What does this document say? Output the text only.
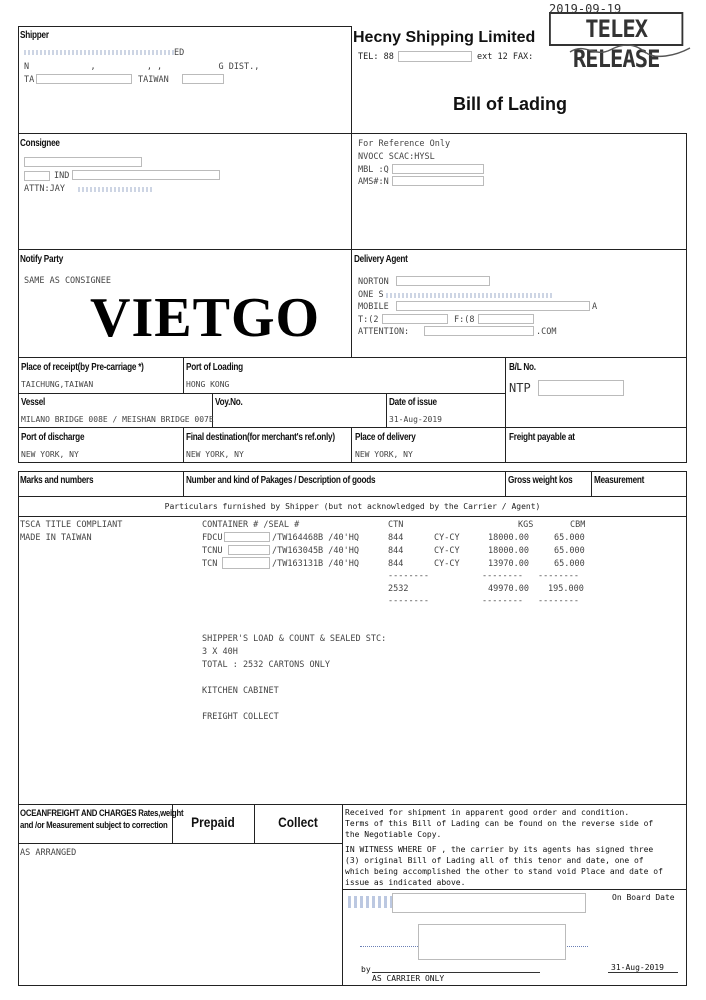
2019-09-19
TELEX RELEASE
Shipper
ED
N            ,          , ,           G DIST.,
TA	TAIWAN
Hecny Shipping Limited
TEL: 88	ext 12 FAX:
Bill of Lading
Consignee
IND
ATTN:JAY
For Reference Only
NVOCC SCAC:HYSL
MBL :Q
AMS#:N
Notify Party
SAME AS CONSIGNEE
VIETGO
Delivery Agent
NORTON
ONE S
MOBILE	A
T:(2	F:(8
ATTENTION:	.COM
Place of receipt(by Pre-carriage *)
TAICHUNG,TAIWAN
Port of Loading
HONG KONG
B/L No.
NTP
Vessel
MILANO BRIDGE 008E / MEISHAN BRIDGE 007E
Voy.No.	Date of issue
31-Aug-2019
Port of discharge
NEW YORK, NY
Final destination(for merchant's ref.only)
NEW YORK, NY
Place of delivery
NEW YORK, NY
Freight payable at
Marks and numbers	Number and kind of Pakages / Description of goods	Gross weight kos Measurement
Particulars furnished by Shipper (but not acknowledged by the Carrier / Agent)
TSCA TITLE COMPLIANT
MADE IN TAIWAN
CONTAINER # /SEAL #	CTN	KGS	CBM
FDCU	/TW164468B /40'HQ	844	CY-CY	18000.00	65.000
TCNU	/TW163045B /40'HQ	844	CY-CY	18000.00	65.000
TCN	/TW163131B /40'HQ	844	CY-CY	13970.00	65.000
--------	-------- --------
2532	49970.00 195.000
--------	-------- --------
SHIPPER'S LOAD & COUNT & SEALED STC:
3 X 40H
TOTAL : 2532 CARTONS ONLY
KITCHEN CABINET
FREIGHT COLLECT
OCEANFREIGHT AND CHARGES Rates,weight
and /or Measurement subject to correction	Prepaid	Collect
AS ARRANGED
Received for shipment in apparent good order and condition.
Terms of this Bill of Lading can be found on the reverse side of
the Negotiable Copy.
IN WITNESS WHERE OF , the carrier by its agents has signed three
(3) original Bill of Lading all of this tenor and date, one of
which being accomplished the other to stand void Place and date of
issue as indicated above.
On Board Date
by
AS CARRIER ONLY
31-Aug-2019
